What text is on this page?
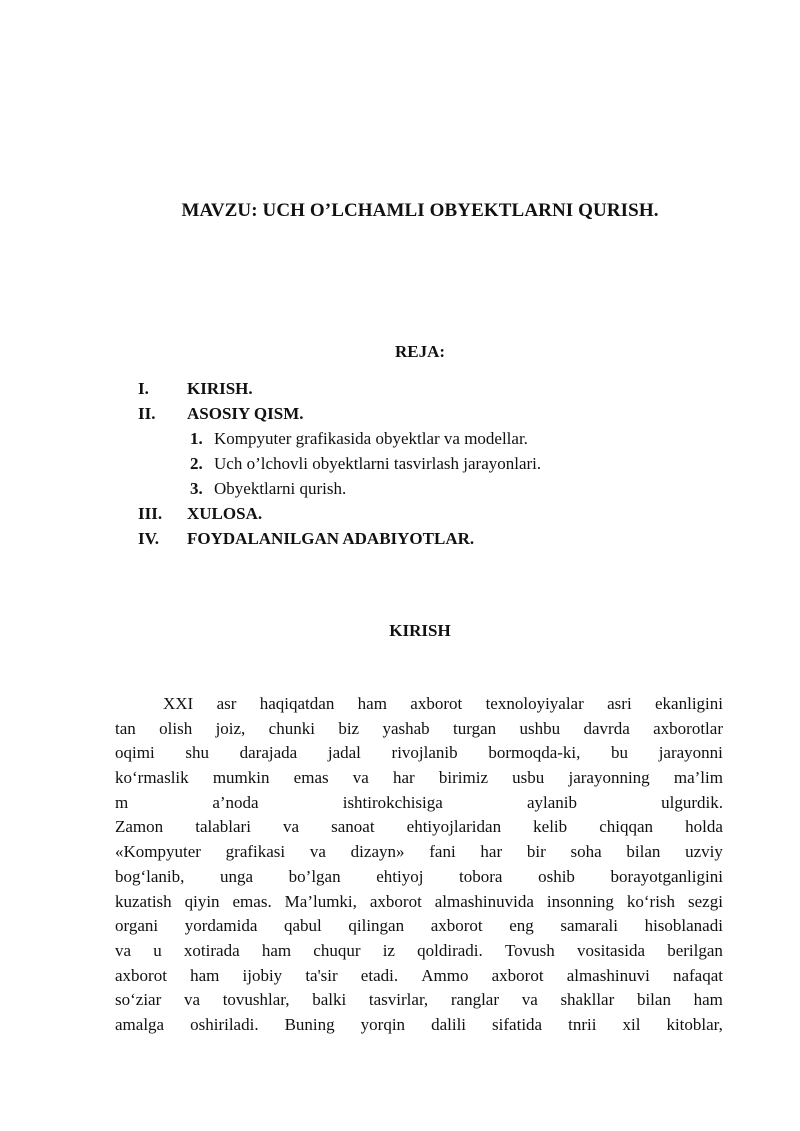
MAVZU: UCH O’LCHAMLI OBYEKTLARNI QURISH.
REJA:
I. KIRISH.
II. ASOSIY QISM.
1. Kompyuter grafikasida obyektlar va modellar.
2. Uch o’lchovli obyektlarni tasvirlash jarayonlari.
3. Obyektlarni qurish.
III. XULOSA.
IV. FOYDALANILGAN ADABIYOTLAR.
KIRISH
XXI asr haqiqatdan ham axborot texnoloyiyalar asri ekanligini
tan olish joiz, chunki biz yashab turgan ushbu davrda axborotlar
oqimi shu darajada jadal rivojlanib bormoqda-ki, bu jarayonni
ko‘rmaslik mumkin emas va har birimiz usbu jarayonning ma’lim
m	a’noda	ishtirokchisiga	aylanib	ulgurdik.
Zamon talablari va sanoat ehtiyojlaridan kelib chiqqan holda
«Kompyuter grafikasi va dizayn» fani har bir soha bilan uzviy
bog‘lanib, unga bo’lgan ehtiyoj tobora oshib borayotganligini
kuzatish qiyin emas. Ma’lumki, axborot almashinuvida insonning ko‘rish sezgi
organi yordamida qabul qilingan axborot eng samarali hisoblanadi
va u xotirada ham chuqur iz qoldiradi. Tovush vositasida berilgan
axborot ham ijobiy ta'sir etadi. Ammo axborot almashinuvi nafaqat
so‘ziar va tovushlar, balki tasvirlar, ranglar va shakllar bilan ham
amalga oshiriladi. Buning yorqin dalili sifatida tnrii xil kitoblar,
